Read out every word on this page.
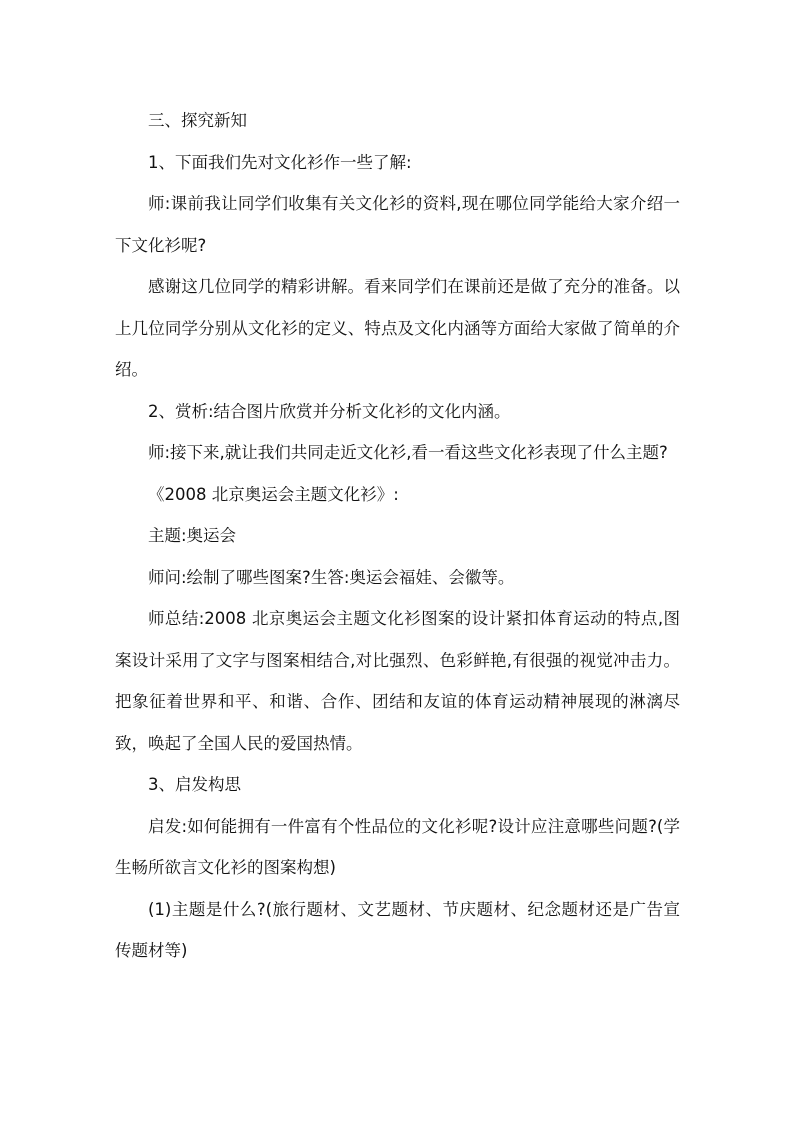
三、探究新知

1、下面我们先对文化衫作一些了解:

师:课前我让同学们收集有关文化衫的资料,现在哪位同学能给大家介绍一下文化衫呢?

感谢这几位同学的精彩讲解。看来同学们在课前还是做了充分的准备。以上几位同学分别从文化衫的定义、特点及文化内涵等方面给大家做了简单的介绍。

2、赏析:结合图片欣赏并分析文化衫的文化内涵。

师:接下来,就让我们共同走近文化衫,看一看这些文化衫表现了什么主题?

《2008 北京奥运会主题文化衫》:

主题:奥运会

师问:绘制了哪些图案?生答:奥运会福娃、会徽等。

师总结:2008 北京奥运会主题文化衫图案的设计紧扣体育运动的特点,图案设计采用了文字与图案相结合,对比强烈、色彩鲜艳,有很强的视觉冲击力。把象征着世界和平、和谐、合作、团结和友谊的体育运动精神展现的淋漓尽致，唤起了全国人民的爱国热情。

3、启发构思

启发:如何能拥有一件富有个性品位的文化衫呢?设计应注意哪些问题?(学生畅所欲言文化衫的图案构想)

(1)主题是什么?(旅行题材、文艺题材、节庆题材、纪念题材还是广告宣传题材等)
